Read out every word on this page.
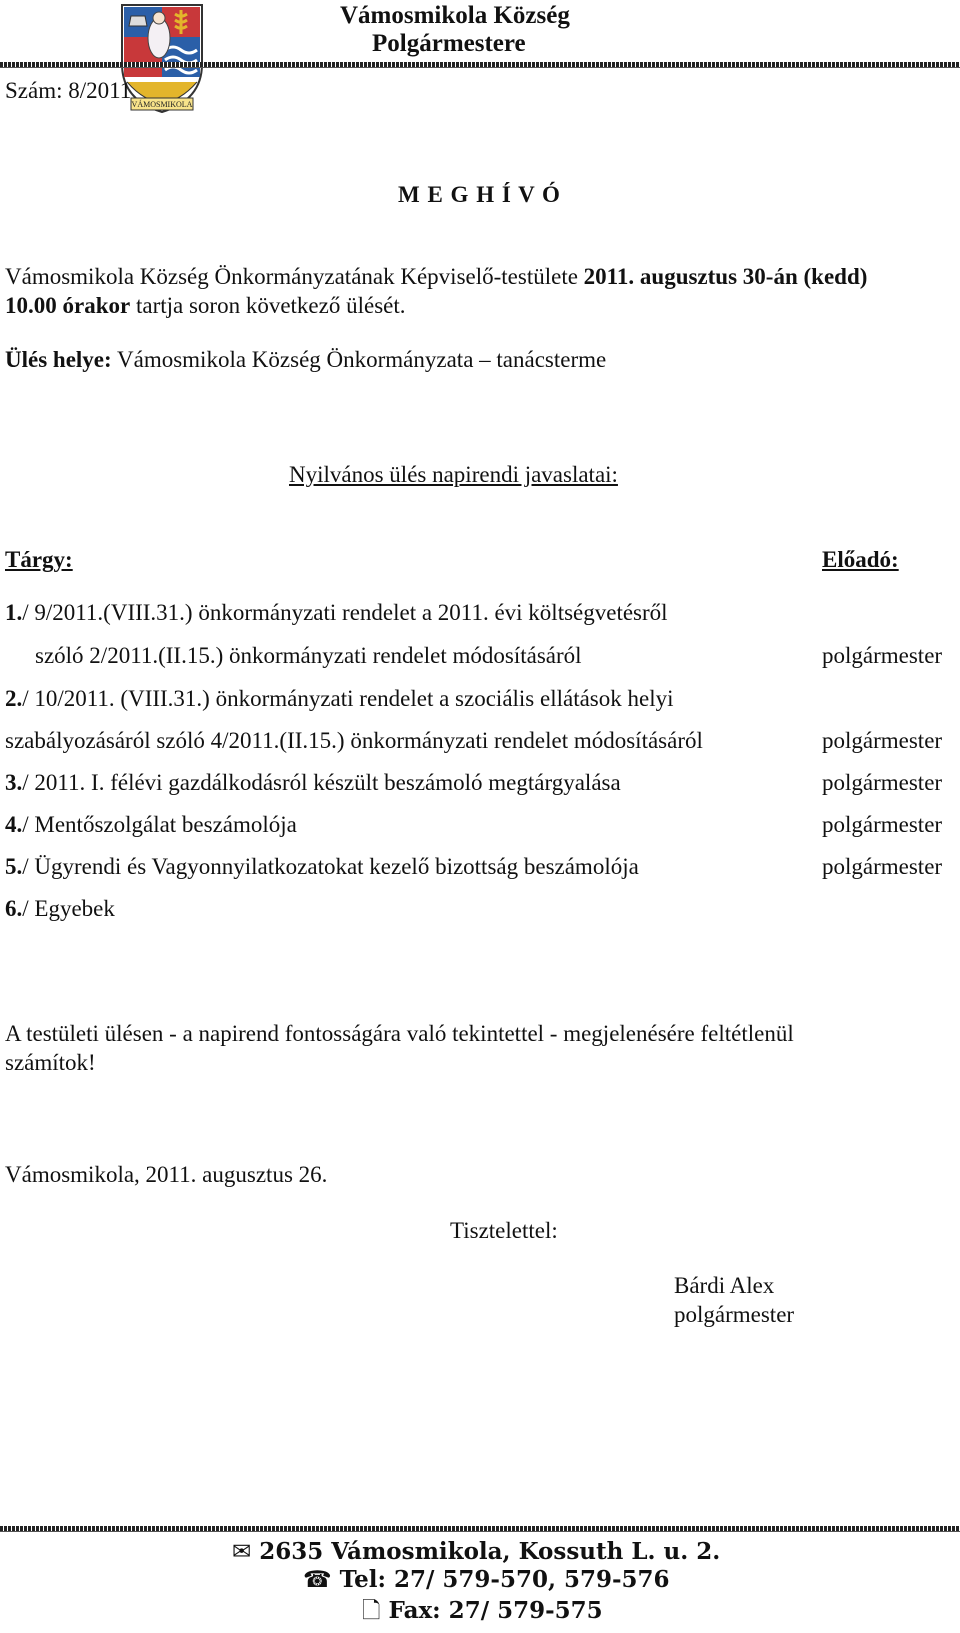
VÁMOSMIKOLA
Vámosmikola Község
Polgármestere
Szám: 8/2011
M E G H Í V Ó
Vámosmikola Község Önkormányzatának Képviselő-testülete 2011. augusztus 30-án (kedd)
10.00 órakor tartja soron következő ülését.
Ülés helye: Vámosmikola Község Önkormányzata – tanácsterme
Nyilvános ülés napirendi javaslatai:
Tárgy:	Előadó:
1./ 9/2011.(VIII.31.) önkormányzati rendelet a 2011. évi költségvetésről
szóló 2/2011.(II.15.) önkormányzati rendelet módosításáról	polgármester
2./ 10/2011. (VIII.31.) önkormányzati rendelet a szociális ellátások helyi
szabályozásáról szóló 4/2011.(II.15.) önkormányzati rendelet módosításáról	polgármester
3./ 2011. I. félévi gazdálkodásról készült beszámoló megtárgyalása	polgármester
4./ Mentőszolgálat beszámolója	polgármester
5./ Ügyrendi és Vagyonnyilatkozatokat kezelő bizottság beszámolója	polgármester
6./ Egyebek
A testületi ülésen - a napirend fontosságára való tekintettel - megjelenésére feltétlenül
számítok!
Vámosmikola, 2011. augusztus 26.
Tisztelettel:
Bárdi Alex
polgármester
✉ 2635 Vámosmikola, Kossuth L. u. 2.
☎ Tel: 27/ 579-570, 579-576
🗋 Fax: 27/ 579-575
